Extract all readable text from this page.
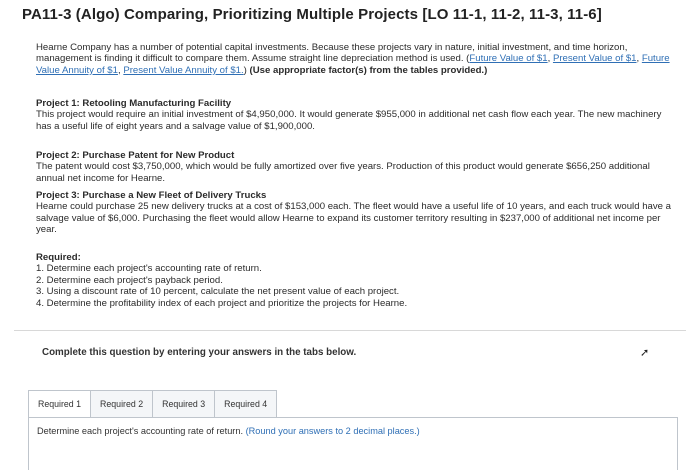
PA11-3 (Algo) Comparing, Prioritizing Multiple Projects [LO 11-1, 11-2, 11-3, 11-6]
Hearne Company has a number of potential capital investments. Because these projects vary in nature, initial investment, and time horizon, management is finding it difficult to compare them. Assume straight line depreciation method is used. (Future Value of $1, Present Value of $1, Future Value Annuity of $1, Present Value Annuity of $1.) (Use appropriate factor(s) from the tables provided.)
Project 1: Retooling Manufacturing Facility
This project would require an initial investment of $4,950,000. It would generate $955,000 in additional net cash flow each year. The new machinery has a useful life of eight years and a salvage value of $1,900,000.
Project 2: Purchase Patent for New Product
The patent would cost $3,750,000, which would be fully amortized over five years. Production of this product would generate $656,250 additional annual net income for Hearne.
Project 3: Purchase a New Fleet of Delivery Trucks
Hearne could purchase 25 new delivery trucks at a cost of $153,000 each. The fleet would have a useful life of 10 years, and each truck would have a salvage value of $6,000. Purchasing the fleet would allow Hearne to expand its customer territory resulting in $237,000 of additional net income per year.
Required:
1. Determine each project's accounting rate of return.
2. Determine each project's payback period.
3. Using a discount rate of 10 percent, calculate the net present value of each project.
4. Determine the profitability index of each project and prioritize the projects for Hearne.
Complete this question by entering your answers in the tabs below.	➚
Required 1	Required 2	Required 3	Required 4
Determine each project's accounting rate of return. (Round your answers to 2 decimal places.)
